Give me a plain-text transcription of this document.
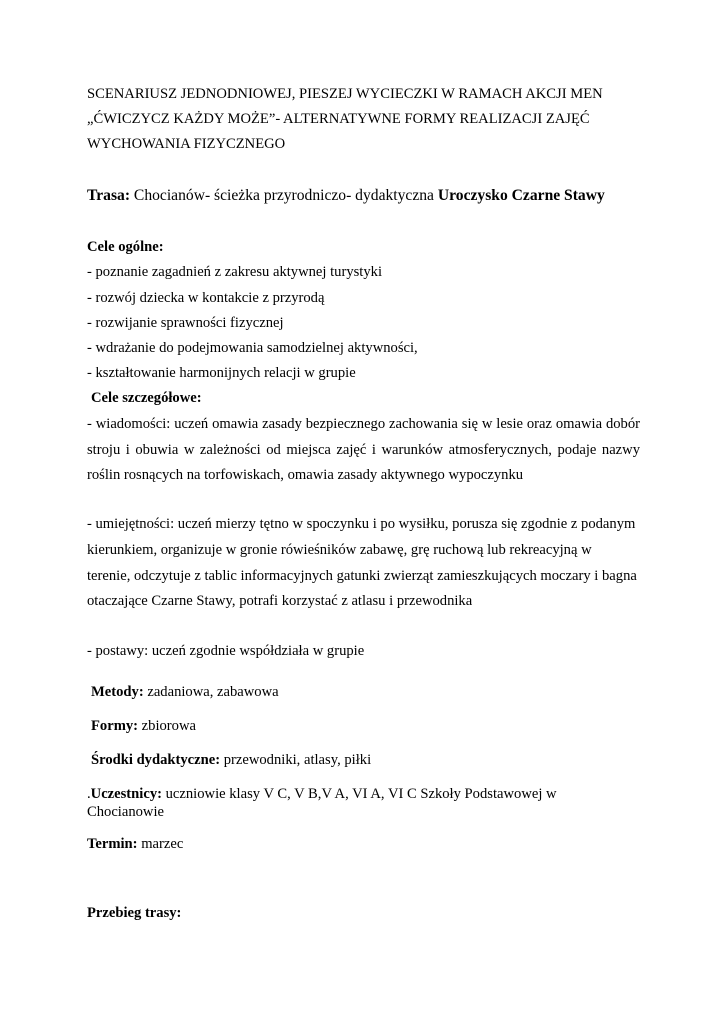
SCENARIUSZ JEDNODNIOWEJ, PIESZEJ WYCIECZKI W RAMACH AKCJI MEN
„ĆWICZYCZ KAŻDY MOŻE”- ALTERNATYWNE FORMY REALIZACJI ZAJĘĆ
WYCHOWANIA FIZYCZNEGO
Trasa: Chocianów- ścieżka przyrodniczo- dydaktyczna Uroczysko Czarne Stawy
Cele ogólne:
- poznanie zagadnień z zakresu aktywnej turystyki
- rozwój dziecka w kontakcie z przyrodą
- rozwijanie sprawności fizycznej
- wdrażanie do podejmowania samodzielnej aktywności,
- kształtowanie harmonijnych relacji w grupie
Cele szczegółowe:
- wiadomości: uczeń omawia zasady bezpiecznego zachowania się w lesie oraz omawia dobór
stroju i obuwia w zależności od miejsca zajęć i warunków atmosferycznych, podaje nazwy
roślin rosnących na torfowiskach, omawia zasady aktywnego wypoczynku
- umiejętności: uczeń mierzy tętno w spoczynku i po wysiłku, porusza się zgodnie z podanym
kierunkiem, organizuje w gronie rówieśników zabawę, grę ruchową lub rekreacyjną w
terenie, odczytuje z tablic informacyjnych gatunki zwierząt zamieszkujących moczary i bagna
otaczające Czarne Stawy, potrafi korzystać z atlasu i przewodnika
- postawy: uczeń zgodnie współdziała w grupie
Metody: zadaniowa, zabawowa
Formy: zbiorowa
Środki dydaktyczne: przewodniki, atlasy, piłki
.Uczestnicy: uczniowie klasy V C, V B,V A, VI A, VI C Szkoły Podstawowej w
Chocianowie
Termin: marzec
Przebieg trasy:
